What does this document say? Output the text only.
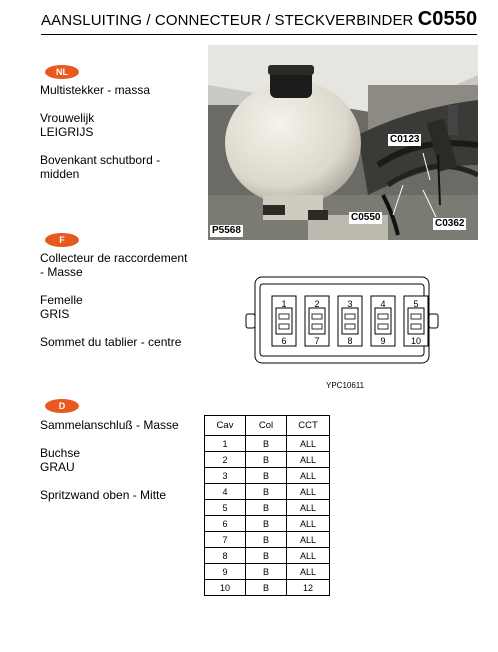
AANSLUITING / CONNECTEUR / STECKVERBINDER C0550
NL
Multistekker - massa
Vrouwelijk
LEIGRIJS
Bovenkant schutbord -
midden
F
Collecteur de raccordement
- Masse
Femelle
GRIS
Sommet du tablier - centre
D
Sammelanschluß - Masse
Buchse
GRAU
Spritzwand oben - Mitte
C0123
C0550
C0362
P5568
1
6
2
7
3
8
4
9
5
10
YPC10611
Cav	Col	CCT
1	B	ALL
2	B	ALL
3	B	ALL
4	B	ALL
5	B	ALL
6	B	ALL
7	B	ALL
8	B	ALL
9	B	ALL
10	B	12
